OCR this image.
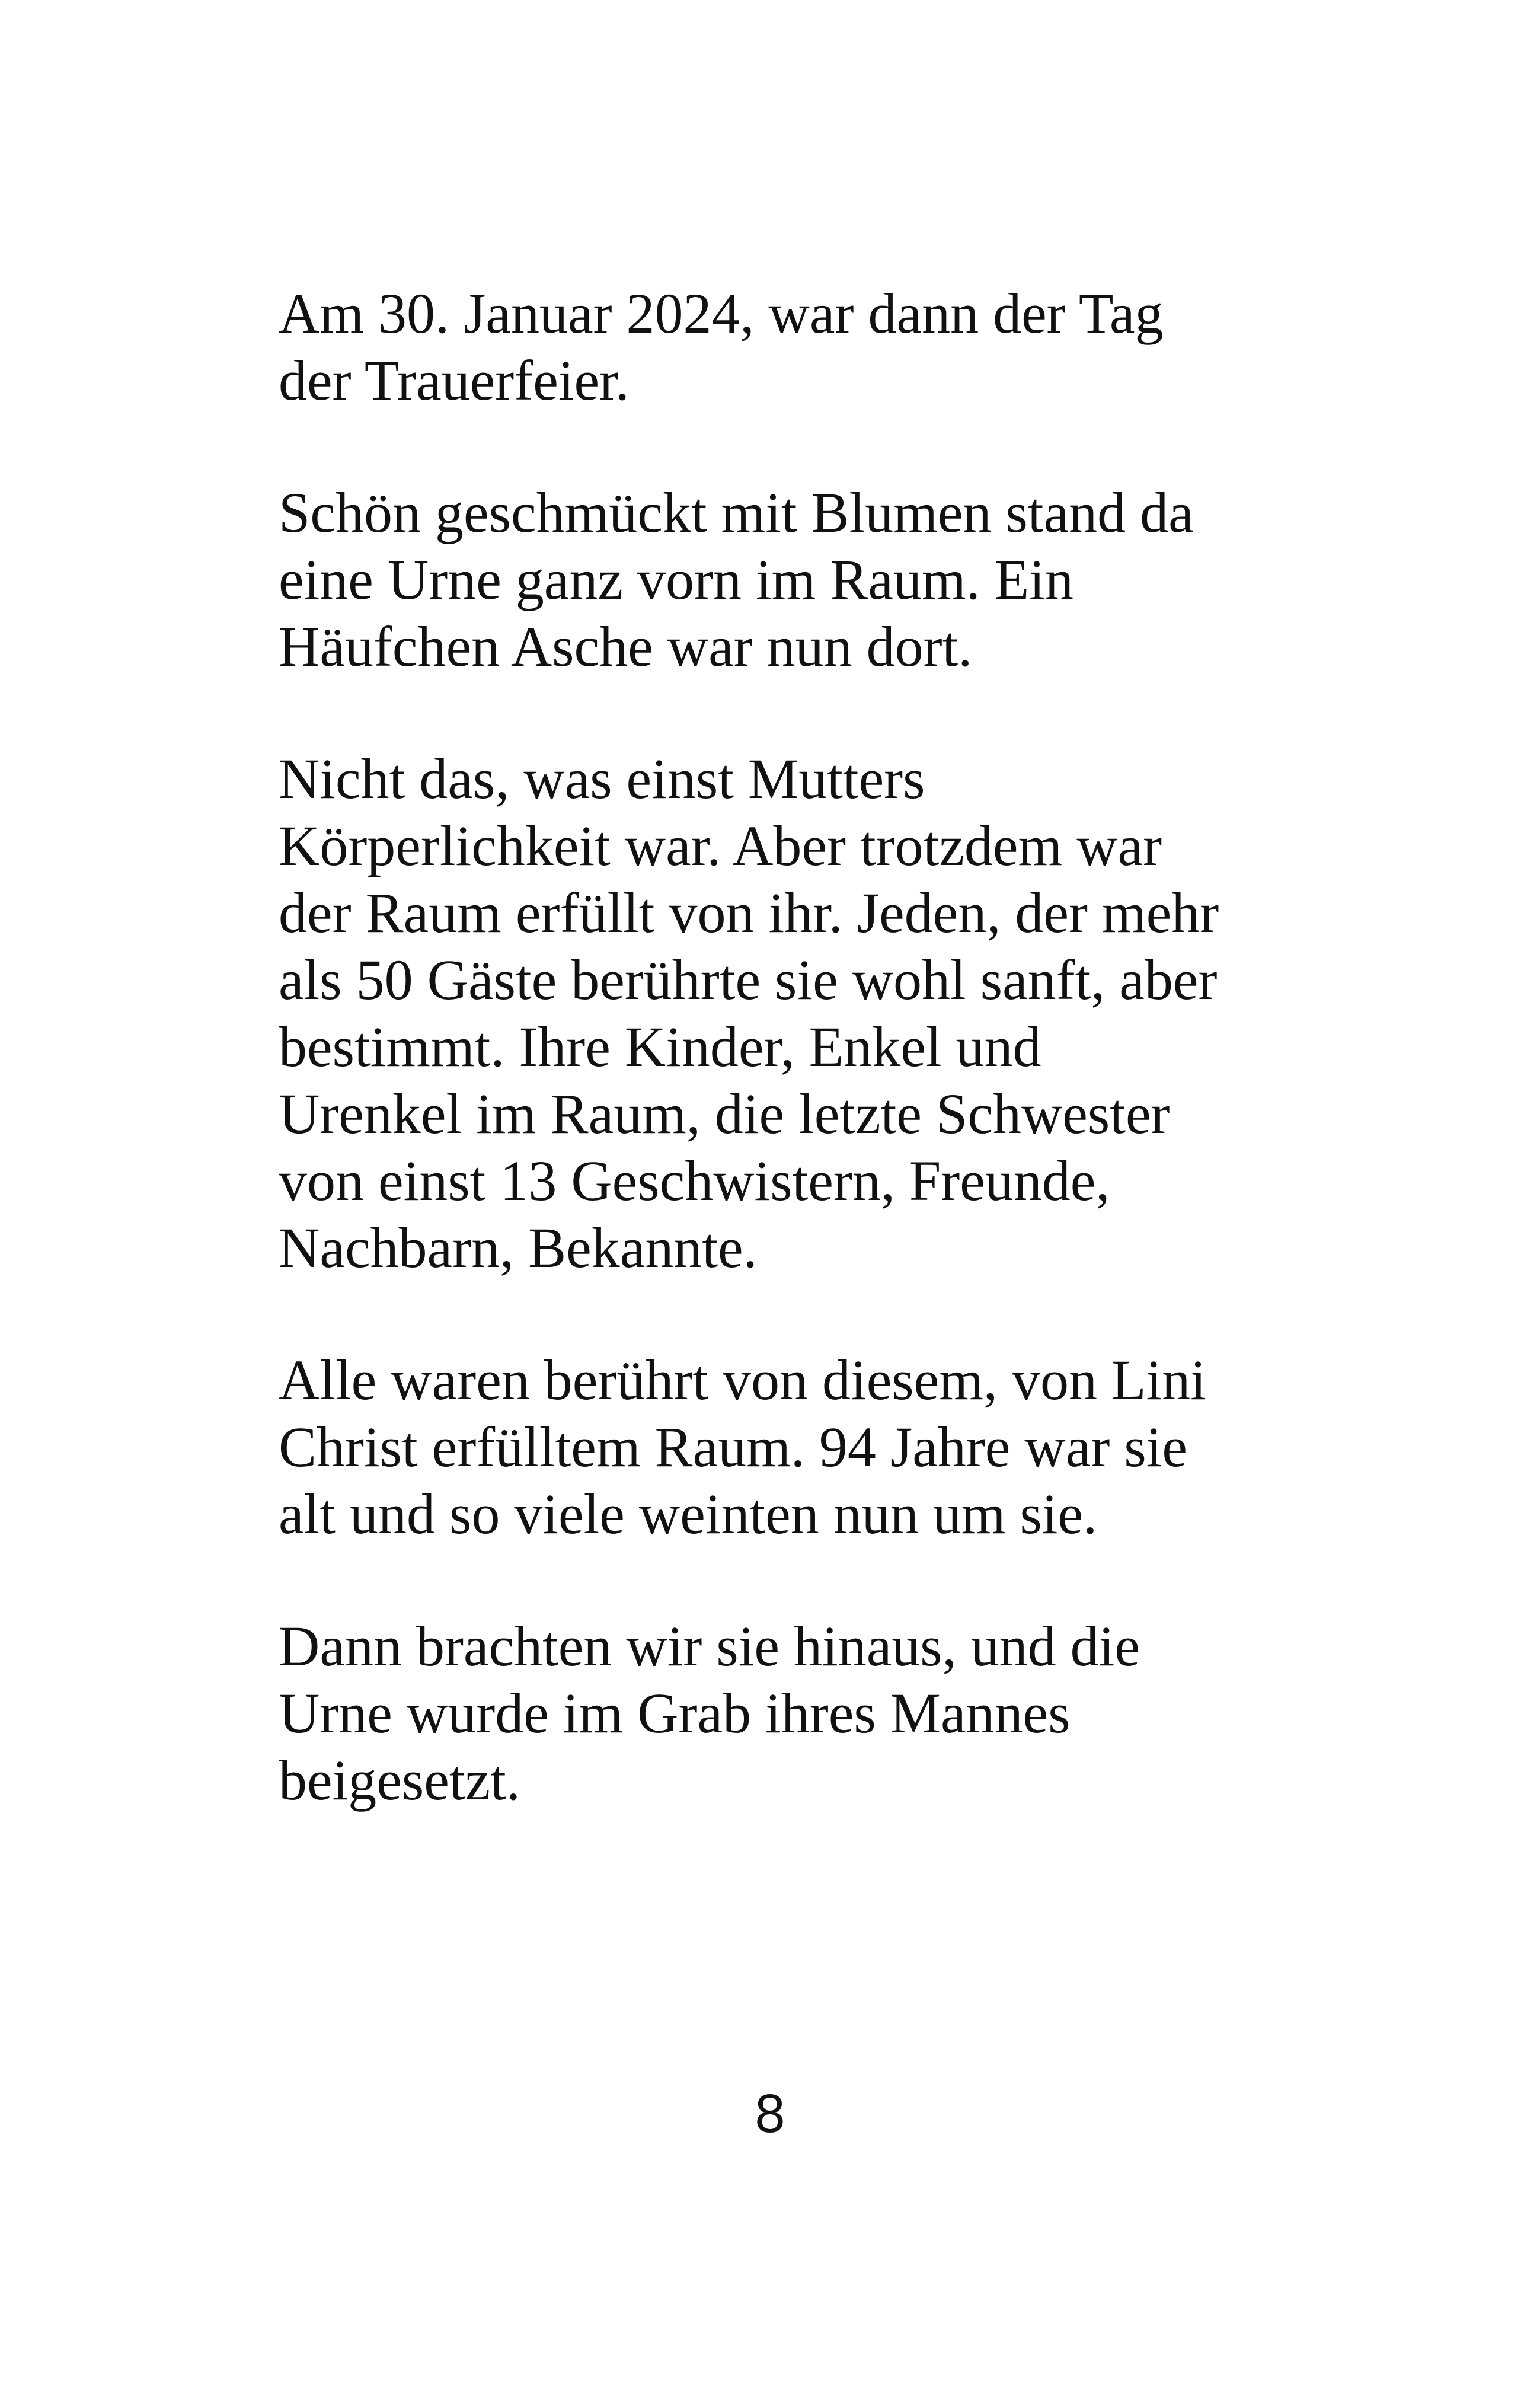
Am 30. Januar 2024, war dann der Tag
der Trauerfeier.

Schön geschmückt mit Blumen stand da
eine Urne ganz vorn im Raum. Ein
Häufchen Asche war nun dort.

Nicht das, was einst Mutters
Körperlichkeit war. Aber trotzdem war
der Raum erfüllt von ihr. Jeden, der mehr
als 50 Gäste berührte sie wohl sanft, aber
bestimmt. Ihre Kinder, Enkel und
Urenkel im Raum, die letzte Schwester
von einst 13 Geschwistern, Freunde,
Nachbarn, Bekannte.

Alle waren berührt von diesem, von Lini
Christ erfülltem Raum. 94 Jahre war sie
alt und so viele weinten nun um sie.

Dann brachten wir sie hinaus, und die
Urne wurde im Grab ihres Mannes
beigesetzt.

8
